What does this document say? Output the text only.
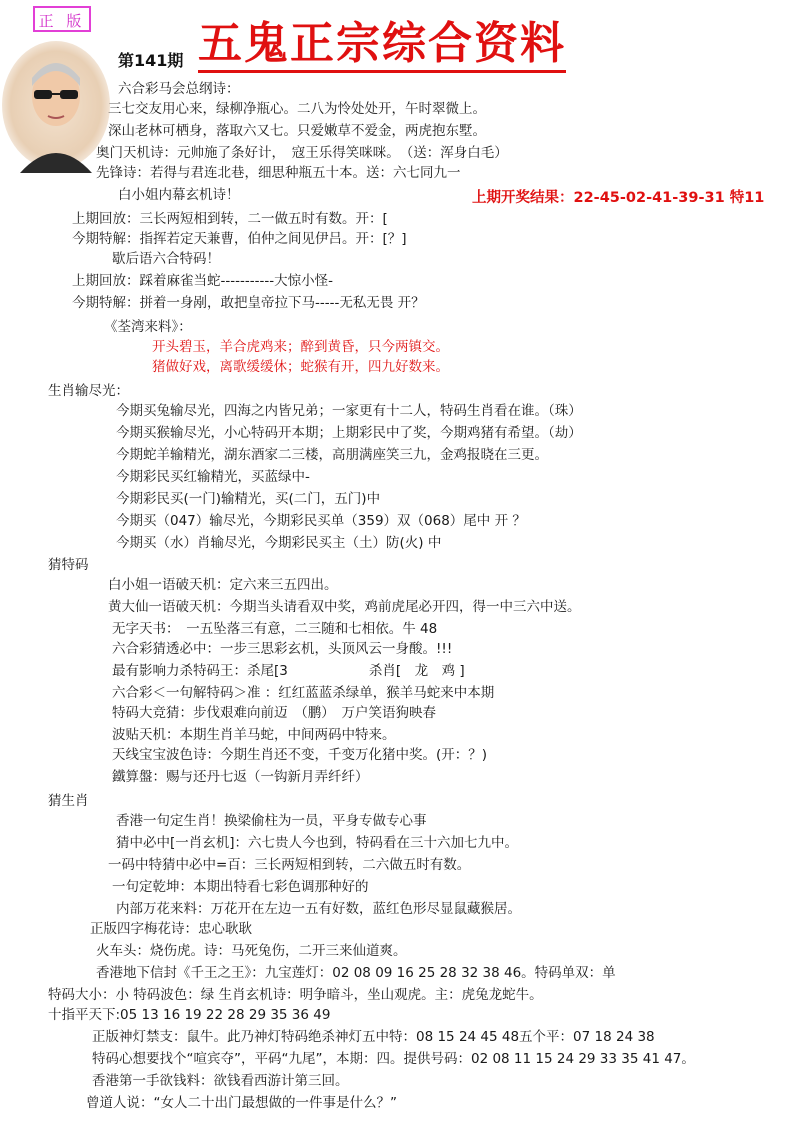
正 版
第141期 五鬼正宗综合资料
上期开奖结果：22-45-02-41-39-31 特11
六合彩马会总纲诗：
三七交友用心来，绿柳净瓶心。二八为怜处处开，午时翠微上。
深山老林可栖身，落取六又七。只爱嫩草不爱金，两虎抱东墅。
奥门天机诗：元帅施了条好计，　寇王乐得笑咪咪。　（送：浑身白毛）
先锋诗：若得与君连北巷，细思种瓶五十本。送：六七同九一
白小姐内幕玄机诗！
上期回放：三长两短相到转，二一做五时有数。开：[
今期特解：指挥若定天兼曹，伯仲之间见伊吕。开：[？]
歇后语六合特码！
上期回放：踩着麻雀当蛇-----------大惊小怪-
今期特解：拼着一身剐，敢把皇帝拉下马-----无私无畏 开？
《荃湾来料》：
开头碧玉，羊合虎鸡来；醉到黄昏，只今两镇交。
猪做好戏，离歌缓缓休；蛇猴有开，四九好数来。
生肖输尽光：
今期买兔输尽光，四海之内皆兄弟；一家更有十二人，特码生肖看在谁。（珠）
今期买猴输尽光，小心特码开本期；上期彩民中了奖，今期鸡猪有希望。（劫）
今期蛇羊输精光，湖东酒家二三楼，高朋满座笑三九，金鸡报晓在三更。
今期彩民买红输精光，买蓝绿中-
今期彩民买(一门)输精光，买(二门，五门)中
今期买（047）输尽光，今期彩民买单（359）双（068）尾中 开 ？
今期买（水）肖输尽光，今期彩民买主（土）防(火) 中
猜特码
白小姐一语破天机：定六来三五四出。
黄大仙一语破天机：今期当头请看双中奖，鸡前虎尾必开四，得一中三六中送。
无字天书：　一五坠落三有意，二三随和七相依。牛 48
六合彩猜透必中：一步三思彩玄机，头顶风云一身酸。!!!
最有影响力杀特码王：杀尾[3　　　　　　杀肖[　龙　鸡 ]
六合彩＜一句解特码＞准 ：红红蓝蓝杀绿单，猴羊马蛇来中本期
特码大竞猜：步伐艰难向前迈　（鹏）　万户笑语狗映春
波贴天机：本期生肖羊马蛇，中间两码中特来。
天线宝宝波色诗：今期生肖还不变，千变万化猪中奖。(开：？)
鐵算盤：赐与还丹七返（一钩新月弄纤纤）
猜生肖
香港一句定生肖！换梁偷柱为一员，平身专做专心事
猜中必中[一肖玄机]：六七贵人今也到，特码看在三十六加七九中。
一码中特猜中必中=百：三长两短相到转，二六做五时有数。
一句定乾坤：本期出特看七彩色调那种好的
内部万花来料：万花开在左边一五有好数，蓝红色形尽显鼠藏猴居。
正版四字梅花诗：忠心耿耿
火车头：烧伤虎。诗：马死兔伤，二开三来仙道爽。
香港地下信封《千王之王》：九宝莲灯：02 08 09 16 25 28 32 38 46。特码单双：单
特码大小：小 特码波色：绿 生肖玄机诗：明争暗斗，坐山观虎。主：虎兔龙蛇牛。
十指平天下:05 13 16 19 22 28 29 35 36 49
正版神灯禁支：鼠牛。此乃神灯特码绝杀神灯五中特：08 15 24 45 48五个平：07 18 24 38
特码心想要找个“喧宾夺”，平码“九尾”，本期：四。提供号码：02 08 11 15 24 29 33 35 41 47。
香港第一手欲钱料：欲钱看西游计第三回。
曾道人说：“女人二十出门最想做的一件事是什么？”
